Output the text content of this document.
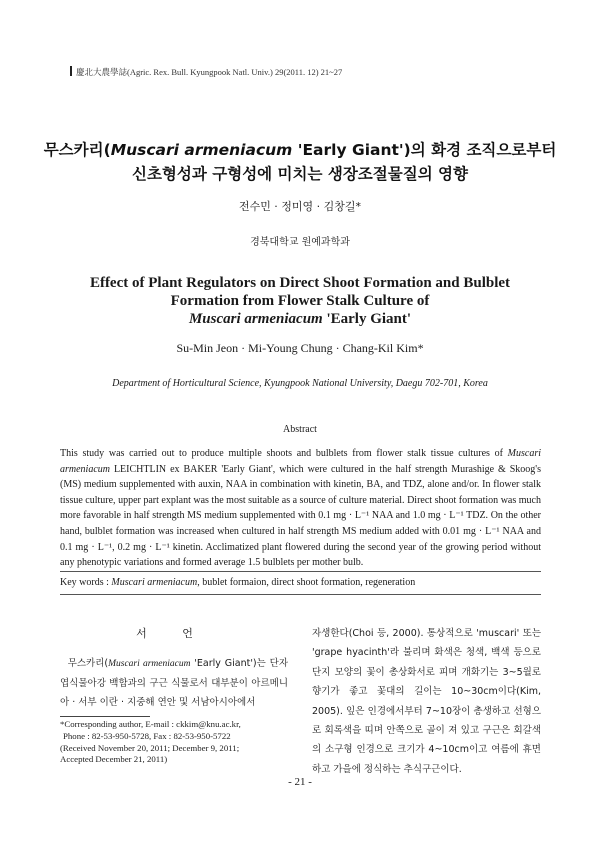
慶北大農學誌(Agric. Rex. Bull. Kyungpook Natl. Univ.) 29(2011. 12) 21~27
무스카리(Muscari armeniacum 'Early Giant')의 화경 조직으로부터
신초형성과 구형성에 미치는 생장조절물질의 영향
전수민 · 정미영 · 김창길*
경북대학교 원예과학과
Effect of Plant Regulators on Direct Shoot Formation and Bulblet
Formation from Flower Stalk Culture of
Muscari armeniacum 'Early Giant'
Su-Min Jeon · Mi-Young Chung · Chang-Kil Kim*
Department of Horticultural Science, Kyungpook National University, Daegu 702-701, Korea
Abstract
This study was carried out to produce multiple shoots and bulblets from flower stalk tissue cultures of Muscari armeniacum LEICHTLIN ex BAKER 'Early Giant', which were cultured in the half strength Murashige & Skoog's (MS) medium supplemented with auxin, NAA in combination with kinetin, BA, and TDZ, alone and/or. In flower stalk tissue culture, upper part explant was the most suitable as a source of culture material. Direct shoot formation was much more favorable in half strength MS medium supplemented with 0.1 mg · L⁻¹ NAA and 1.0 mg · L⁻¹ TDZ. On the other hand, bulblet formation was increased when cultured in half strength MS medium added with 0.01 mg · L⁻¹ NAA and 0.1 mg · L⁻¹, 0.2 mg · L⁻¹ kinetin. Acclimatized plant flowered during the second year of the growing period without any phenotypic variations and formed average 1.5 bulblets per mother bulb.
Key words : Muscari armeniacum, bublet formaion, direct shoot formation, regeneration
서 언
무스카리(Muscari armeniacum 'Early Giant')는 단자엽식물아강 백합과의 구근 식물로서 대부분이 아르메니아 · 서부 이란 · 지중해 연안 및 서남아시아에서
자생한다(Choi 등, 2000). 통상적으로 'muscari' 또는 'grape hyacinth'라 불리며 화색은 청색, 백색 등으로 단지 모양의 꽃이 총상화서로 피며 개화기는 3~5월로 향기가 좋고 꽃대의 길이는 10~30cm이다(Kim, 2005). 잎은 인경에서부터 7~10장이 총생하고 선형으로 회록색을 띠며 안쪽으로 골이 져 있고 구근은 회갈색의 소구형 인경으로 크기가 4~10cm이고 여름에 휴면하고 가을에 정식하는 추식구근이다.
*Corresponding author, E-mail : ckkim@knu.ac.kr,
Phone : 82-53-950-5728, Fax : 82-53-950-5722
(Received November 20, 2011; December 9, 2011;
Accepted December 21, 2011)
- 21 -
